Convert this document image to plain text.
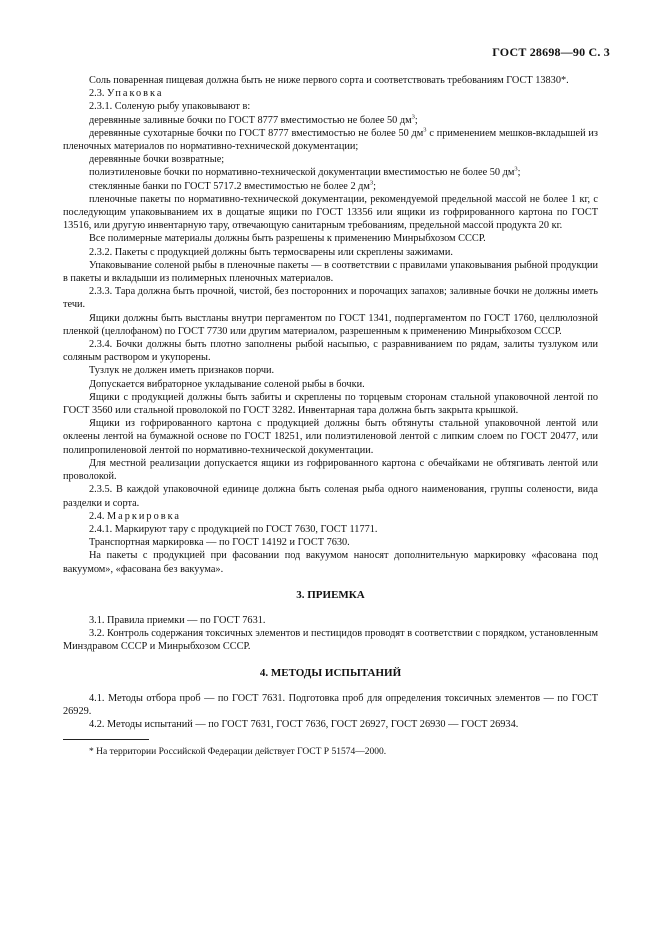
ГОСТ 28698—90 С. 3

Соль поваренная пищевая должна быть не ниже первого сорта и соответствовать требованиям ГОСТ 13830*.

2.3. Упаковка

2.3.1. Соленую рыбу упаковывают в:

деревянные заливные бочки по ГОСТ 8777 вместимостью не более 50 $дм^3$;

деревянные сухотарные бочки по ГОСТ 8777 вместимостью не более 50 $дм^3$ с применением мешков-вкладышей из пленочных материалов по нормативно-технической документации;

деревянные бочки возвратные;

полиэтиленовые бочки по нормативно-технической документации вместимостью не более 50 $дм^3$;

стеклянные банки по ГОСТ 5717.2 вместимостью не более 2 $дм^3$;

пленочные пакеты по нормативно-технической документации, рекомендуемой предельной массой не более 1 кг, с последующим упаковыванием их в дощатые ящики по ГОСТ 13356 или ящики из гофрированного картона по ГОСТ 13516, или другую инвентарную тару, отвечающую санитарным требованиям, предельной массой продукта 20 кг.

Все полимерные материалы должны быть разрешены к применению Минрыбхозом СССР.

2.3.2. Пакеты с продукцией должны быть термосварены или скреплены зажимами.

Упаковывание соленой рыбы в пленочные пакеты — в соответствии с правилами упаковывания рыбной продукции в пакеты и вкладыши из полимерных пленочных материалов.

2.3.3. Тара должна быть прочной, чистой, без посторонних и порочащих запахов; заливные бочки не должны иметь течи.

Ящики должны быть выстланы внутри пергаментом по ГОСТ 1341, подпергаментом по ГОСТ 1760, целлюлозной пленкой (целлофаном) по ГОСТ 7730 или другим материалом, разрешенным к применению Минрыбхозом СССР.

2.3.4. Бочки должны быть плотно заполнены рыбой насыпью, с разравниванием по рядам, залиты тузлуком или соляным раствором и укупорены.

Тузлук не должен иметь признаков порчи.

Допускается вибраторное укладывание соленой рыбы в бочки.

Ящики с продукцией должны быть забиты и скреплены по торцевым сторонам стальной упаковочной лентой по ГОСТ 3560 или стальной проволокой по ГОСТ 3282. Инвентарная тара должна быть закрыта крышкой.

Ящики из гофрированного картона с продукцией должны быть обтянуты стальной упаковочной лентой или оклеены лентой на бумажной основе по ГОСТ 18251, или полиэтиленовой лентой с липким слоем по ГОСТ 20477, или полипропиленовой лентой по нормативно-технической документации.

Для местной реализации допускается ящики из гофрированного картона с обечайками не обтягивать лентой или проволокой.

2.3.5. В каждой упаковочной единице должна быть соленая рыба одного наименования, группы солености, вида разделки и сорта.

2.4. Маркировка

2.4.1. Маркируют тару с продукцией по ГОСТ 7630, ГОСТ 11771.

Транспортная маркировка — по ГОСТ 14192 и ГОСТ 7630.

На пакеты с продукцией при фасовании под вакуумом наносят дополнительную маркировку «фасована под вакуумом», «фасована без вакуума».

3. ПРИЕМКА

3.1. Правила приемки — по ГОСТ 7631.

3.2. Контроль содержания токсичных элементов и пестицидов проводят в соответствии с порядком, установленным Минздравом СССР и Минрыбхозом СССР.

4. МЕТОДЫ ИСПЫТАНИЙ

4.1. Методы отбора проб — по ГОСТ 7631. Подготовка проб для определения токсичных элементов — по ГОСТ 26929.

4.2. Методы испытаний — по ГОСТ 7631, ГОСТ 7636, ГОСТ 26927, ГОСТ 26930 — ГОСТ 26934.

* На территории Российской Федерации действует ГОСТ Р 51574—2000.
